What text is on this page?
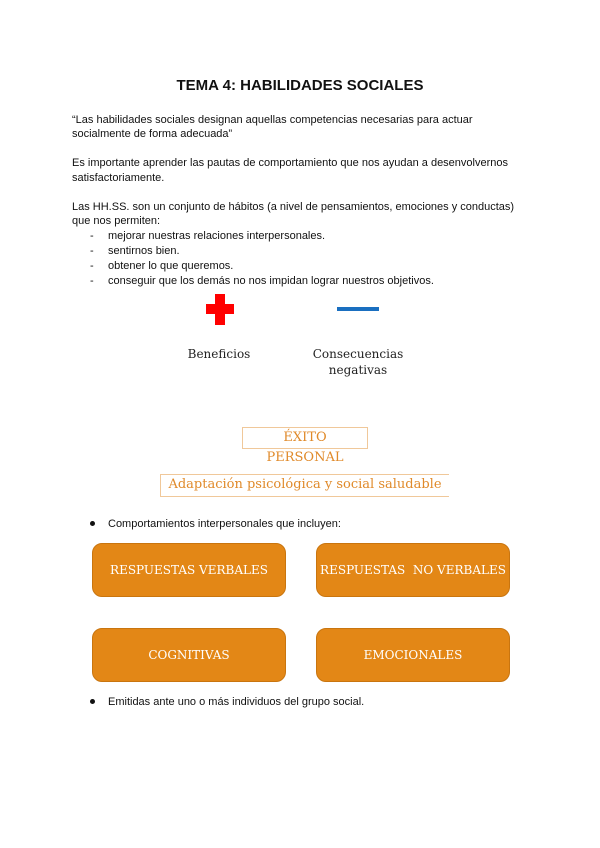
TEMA 4: HABILIDADES SOCIALES
“Las habilidades sociales designan aquellas competencias necesarias para actuar
socialmente de forma adecuada”
Es importante aprender las pautas de comportamiento que nos ayudan a desenvolvernos
satisfactoriamente.
Las HH.SS. son un conjunto de hábitos (a nivel de pensamientos, emociones y conductas)
que nos permiten:
- mejorar nuestras relaciones interpersonales.
- sentirnos bien.
- obtener lo que queremos.
- conseguir que los demás no nos impidan lograr nuestros objetivos.
Beneficios	Consecuencias
negativas
ÉXITO PERSONAL
Adaptación psicológica y social saludable
Comportamientos interpersonales que incluyen:
RESPUESTAS VERBALES	RESPUESTAS  NO VERBALES
COGNITIVAS	EMOCIONALES
Emitidas ante uno o más individuos del grupo social.
